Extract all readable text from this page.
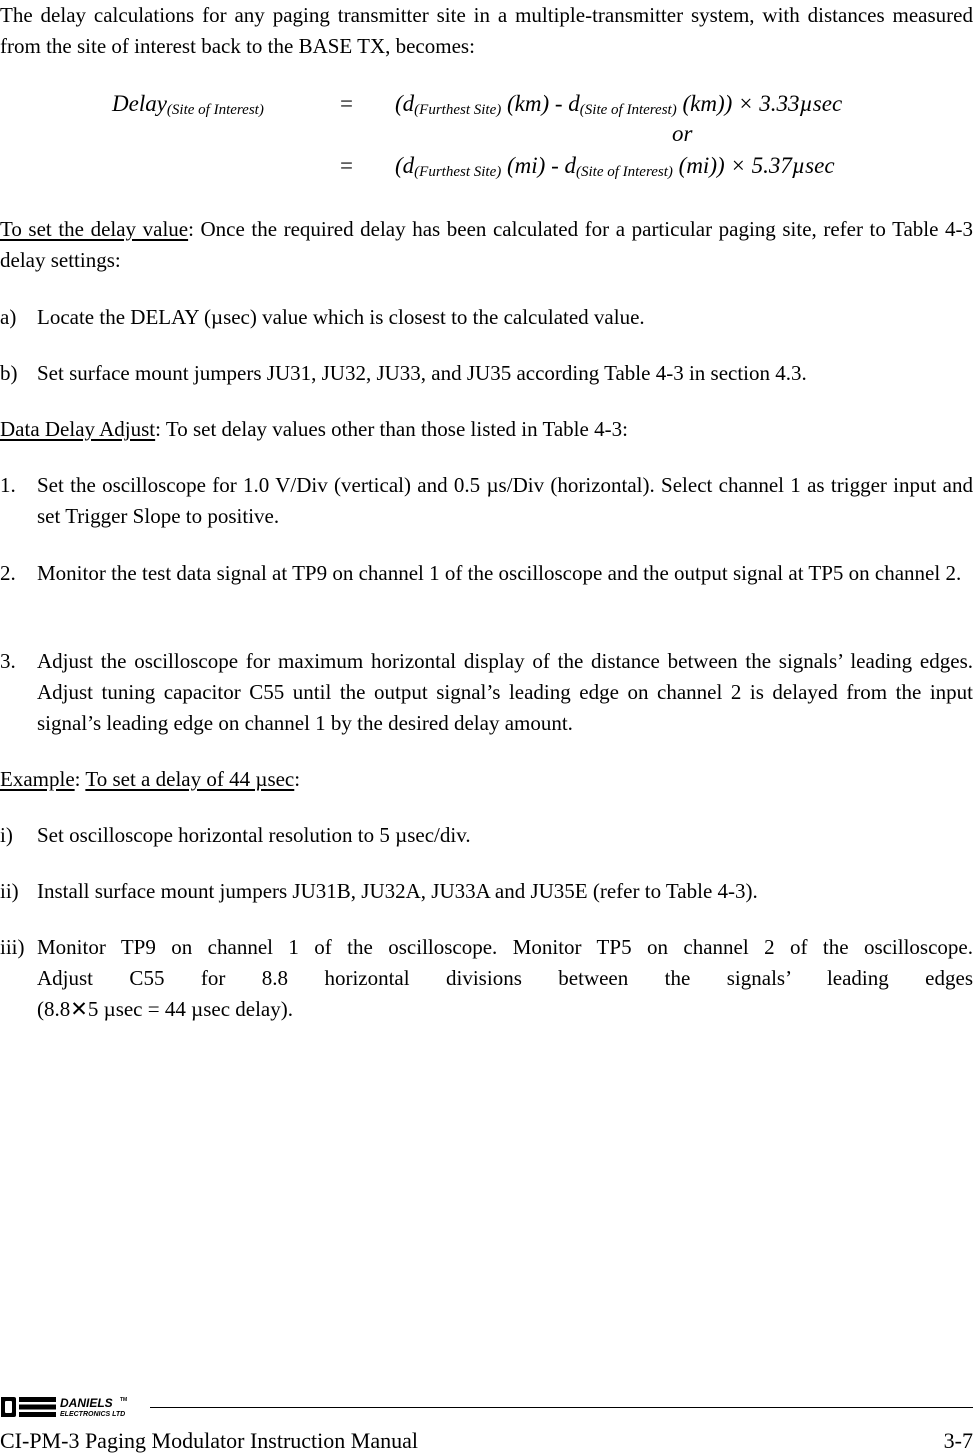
The delay calculations for any paging transmitter site in a multiple-transmitter system, with distances measured from the site of interest back to the BASE TX, becomes:
Delay$_{(Site of Interest)}$	= ($d_{(Furthest Site)}$ $(km) - d_{(Site of Interest)}$ (km)) × 3.33µsec
or
= ($d_{(Furthest Site)}$ $(mi) - d_{(Site of Interest)}$ (mi)) × 5.37µsec
To set the delay value: Once the required delay has been calculated for a particular paging site, refer to Table 4-3 delay settings:
a) Locate the DELAY (µsec) value which is closest to the calculated value.
b) Set surface mount jumpers JU31, JU32, JU33, and JU35 according Table 4-3 in section 4.3.
Data Delay Adjust: To set delay values other than those listed in Table 4-3:
1. Set the oscilloscope for 1.0 V/Div (vertical) and 0.5 µs/Div (horizontal). Select channel 1 as trigger input and set Trigger Slope to positive.
2. Monitor the test data signal at TP9 on channel 1 of the oscilloscope and the output signal at TP5 on channel 2.
3. Adjust the oscilloscope for maximum horizontal display of the distance between the signals’ leading edges. Adjust tuning capacitor C55 until the output signal’s leading edge on channel 2 is delayed from the input signal’s leading edge on channel 1 by the desired delay amount.
Example: To set a delay of 44 µsec:
i) Set oscilloscope horizontal resolution to 5 µsec/div.
ii) Install surface mount jumpers JU31B, JU32A, JU33A and JU35E (refer to Table 4-3).
iii) Monitor TP9 on channel 1 of the oscilloscope. Monitor TP5 on channel 2 of the oscilloscope.
Adjust C55 for 8.8 horizontal divisions between the signals’ leading edges
(8.8✕5 µsec = 44 µsec delay).
DANIELS TM
ELECTRONICS LTD
CI-PM-3 Paging Modulator Instruction Manual	3-7
